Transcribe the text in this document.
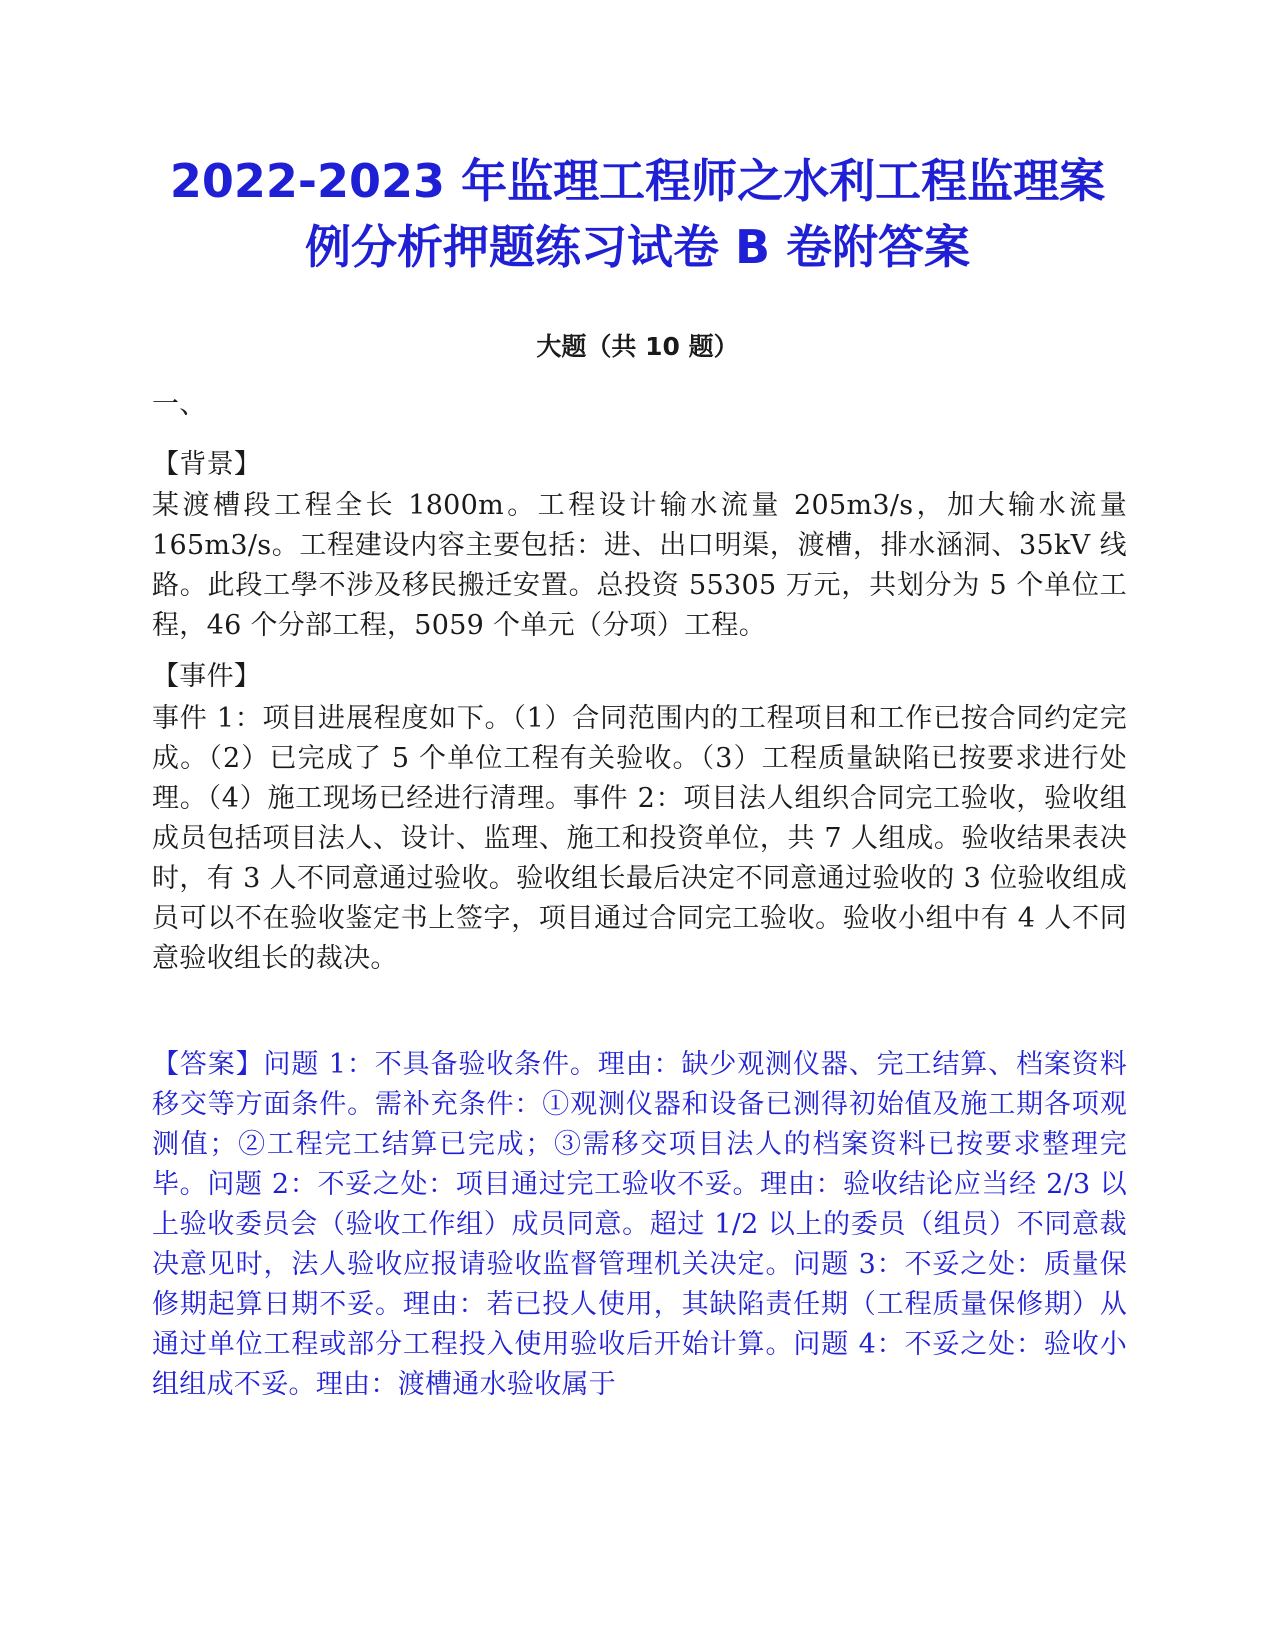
2022-2023 年监理工程师之水利工程监理案
例分析押题练习试卷 B 卷附答案
大题（共 10 题）

一、

【背景】

某渡槽段工程全长 1800m。工程设计输水流量 205m3/s，加大输水流量 165m3/s。工程建设内容主要包括：进、出口明渠，渡槽，排水涵洞、35kV 线路。此段工學不涉及移民搬迁安置。总投资 55305 万元，共划分为 5 个单位工程，46 个分部工程，5059 个单元（分项）工程。

【事件】

事件 1：项目进展程度如下。（1）合同范围内的工程项目和工作已按合同约定完成。（2）已完成了 5 个单位工程有关验收。（3）工程质量缺陷已按要求进行处理。（4）施工现场已经进行清理。事件 2：项目法人组织合同完工验收，验收组成员包括项目法人、设计、监理、施工和投资单位，共 7 人组成。验收结果表决时，有 3 人不同意通过验收。验收组长最后决定不同意通过验收的 3 位验收组成员可以不在验收鉴定书上签字，项目通过合同完工验收。验收小组中有 4 人不同意验收组长的裁决。

【答案】问题 1：不具备验收条件。理由：缺少观测仪器、完工结算、档案资料移交等方面条件。需补充条件：①观测仪器和设备已测得初始值及施工期各项观测值；②工程完工结算已完成；③需移交项目法人的档案资料已按要求整理完毕。问题 2：不妥之处：项目通过完工验收不妥。理由：验收结论应当经 2/3 以上验收委员会（验收工作组）成员同意。超过 1/2 以上的委员（组员）不同意裁决意见时，法人验收应报请验收监督管理机关决定。问题 3：不妥之处：质量保修期起算日期不妥。理由：若已投人使用，其缺陷责任期（工程质量保修期）从通过单位工程或部分工程投入使用验收后开始计算。问题 4：不妥之处：验收小组组成不妥。理由：渡槽通水验收属于
